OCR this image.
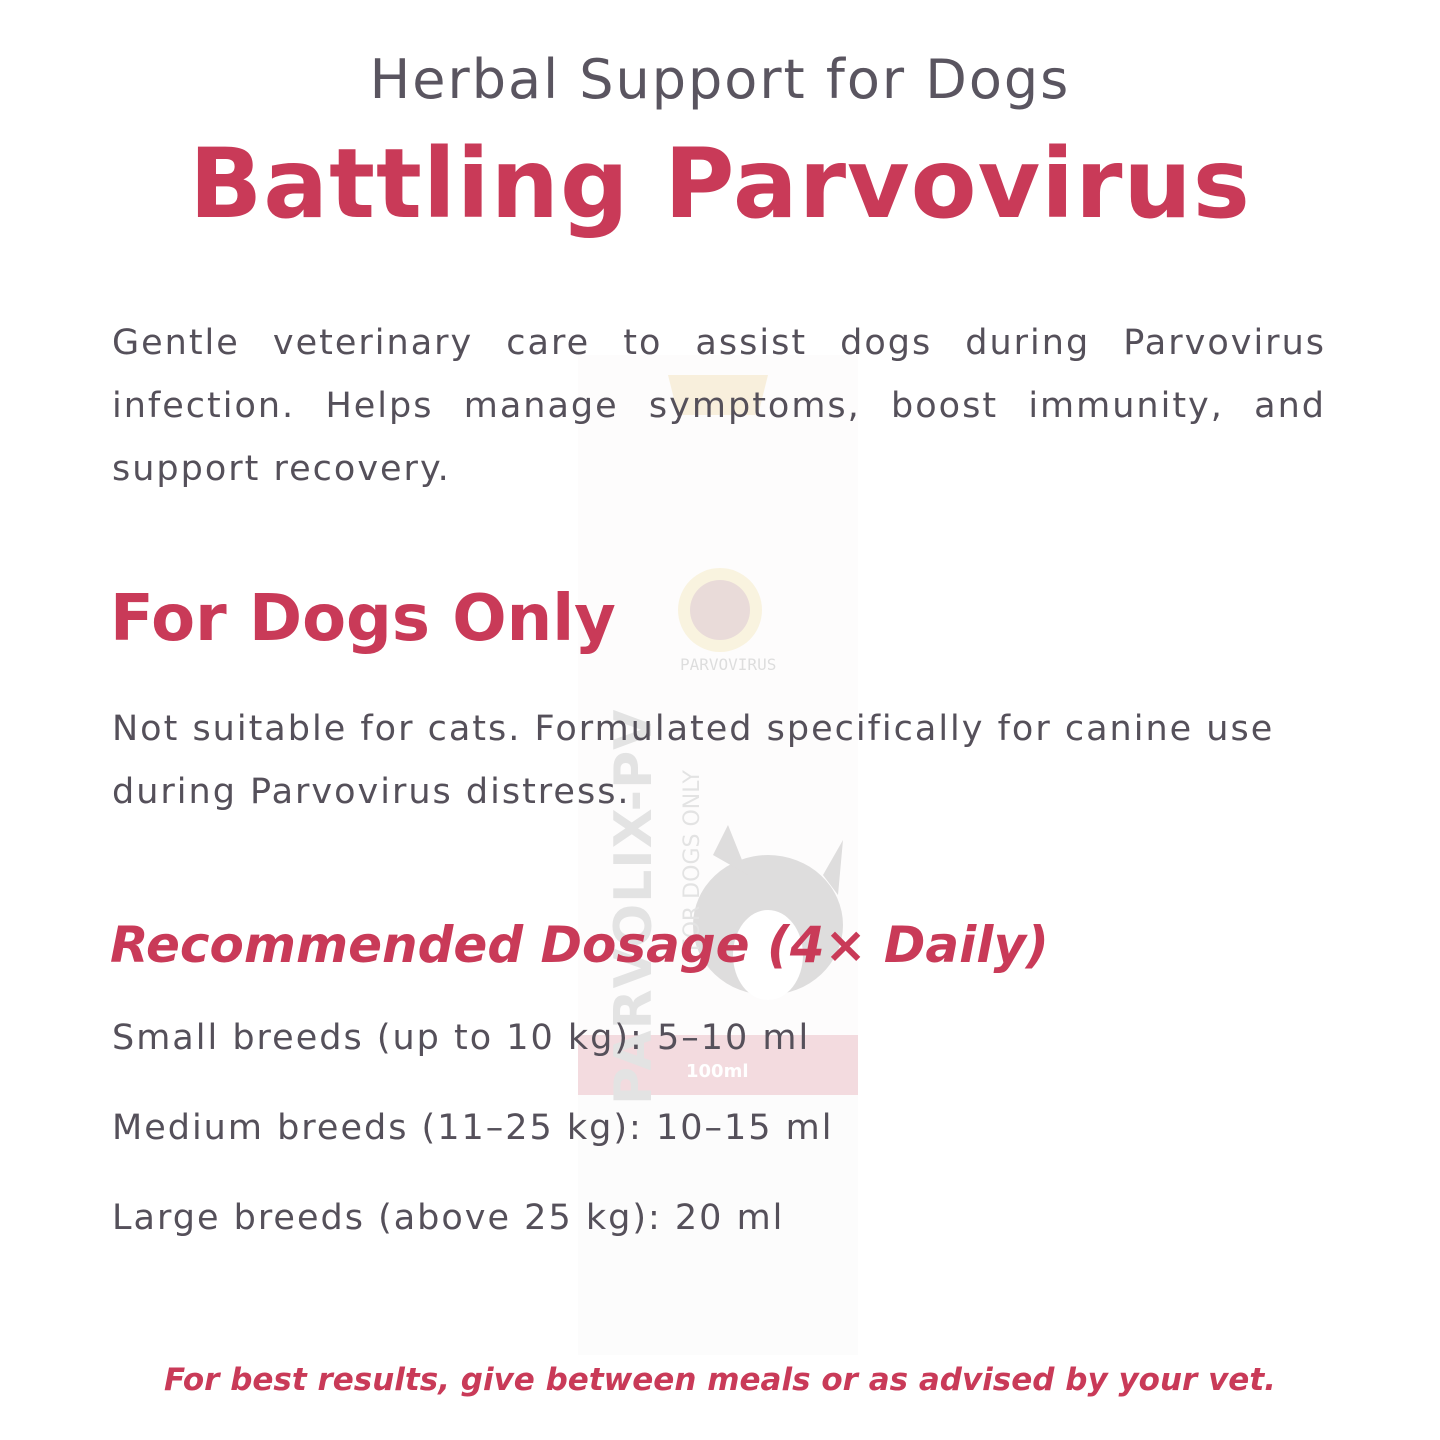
PARVOLIX-PV FOR DOGS ONLY
PARVOVIRUS
100ml
Herbal Support for Dogs
Battling Parvovirus
Gentle veterinary care to assist dogs during Parvovirus infection. Helps manage symptoms, boost immunity, and support recovery.
For Dogs Only
Not suitable for cats. Formulated specifically for canine use during Parvovirus distress.
Recommended Dosage (4× Daily)
Small breeds (up to 10 kg): 5–10 ml
Medium breeds (11–25 kg): 10–15 ml
Large breeds (above 25 kg): 20 ml
For best results, give between meals or as advised by your vet.
